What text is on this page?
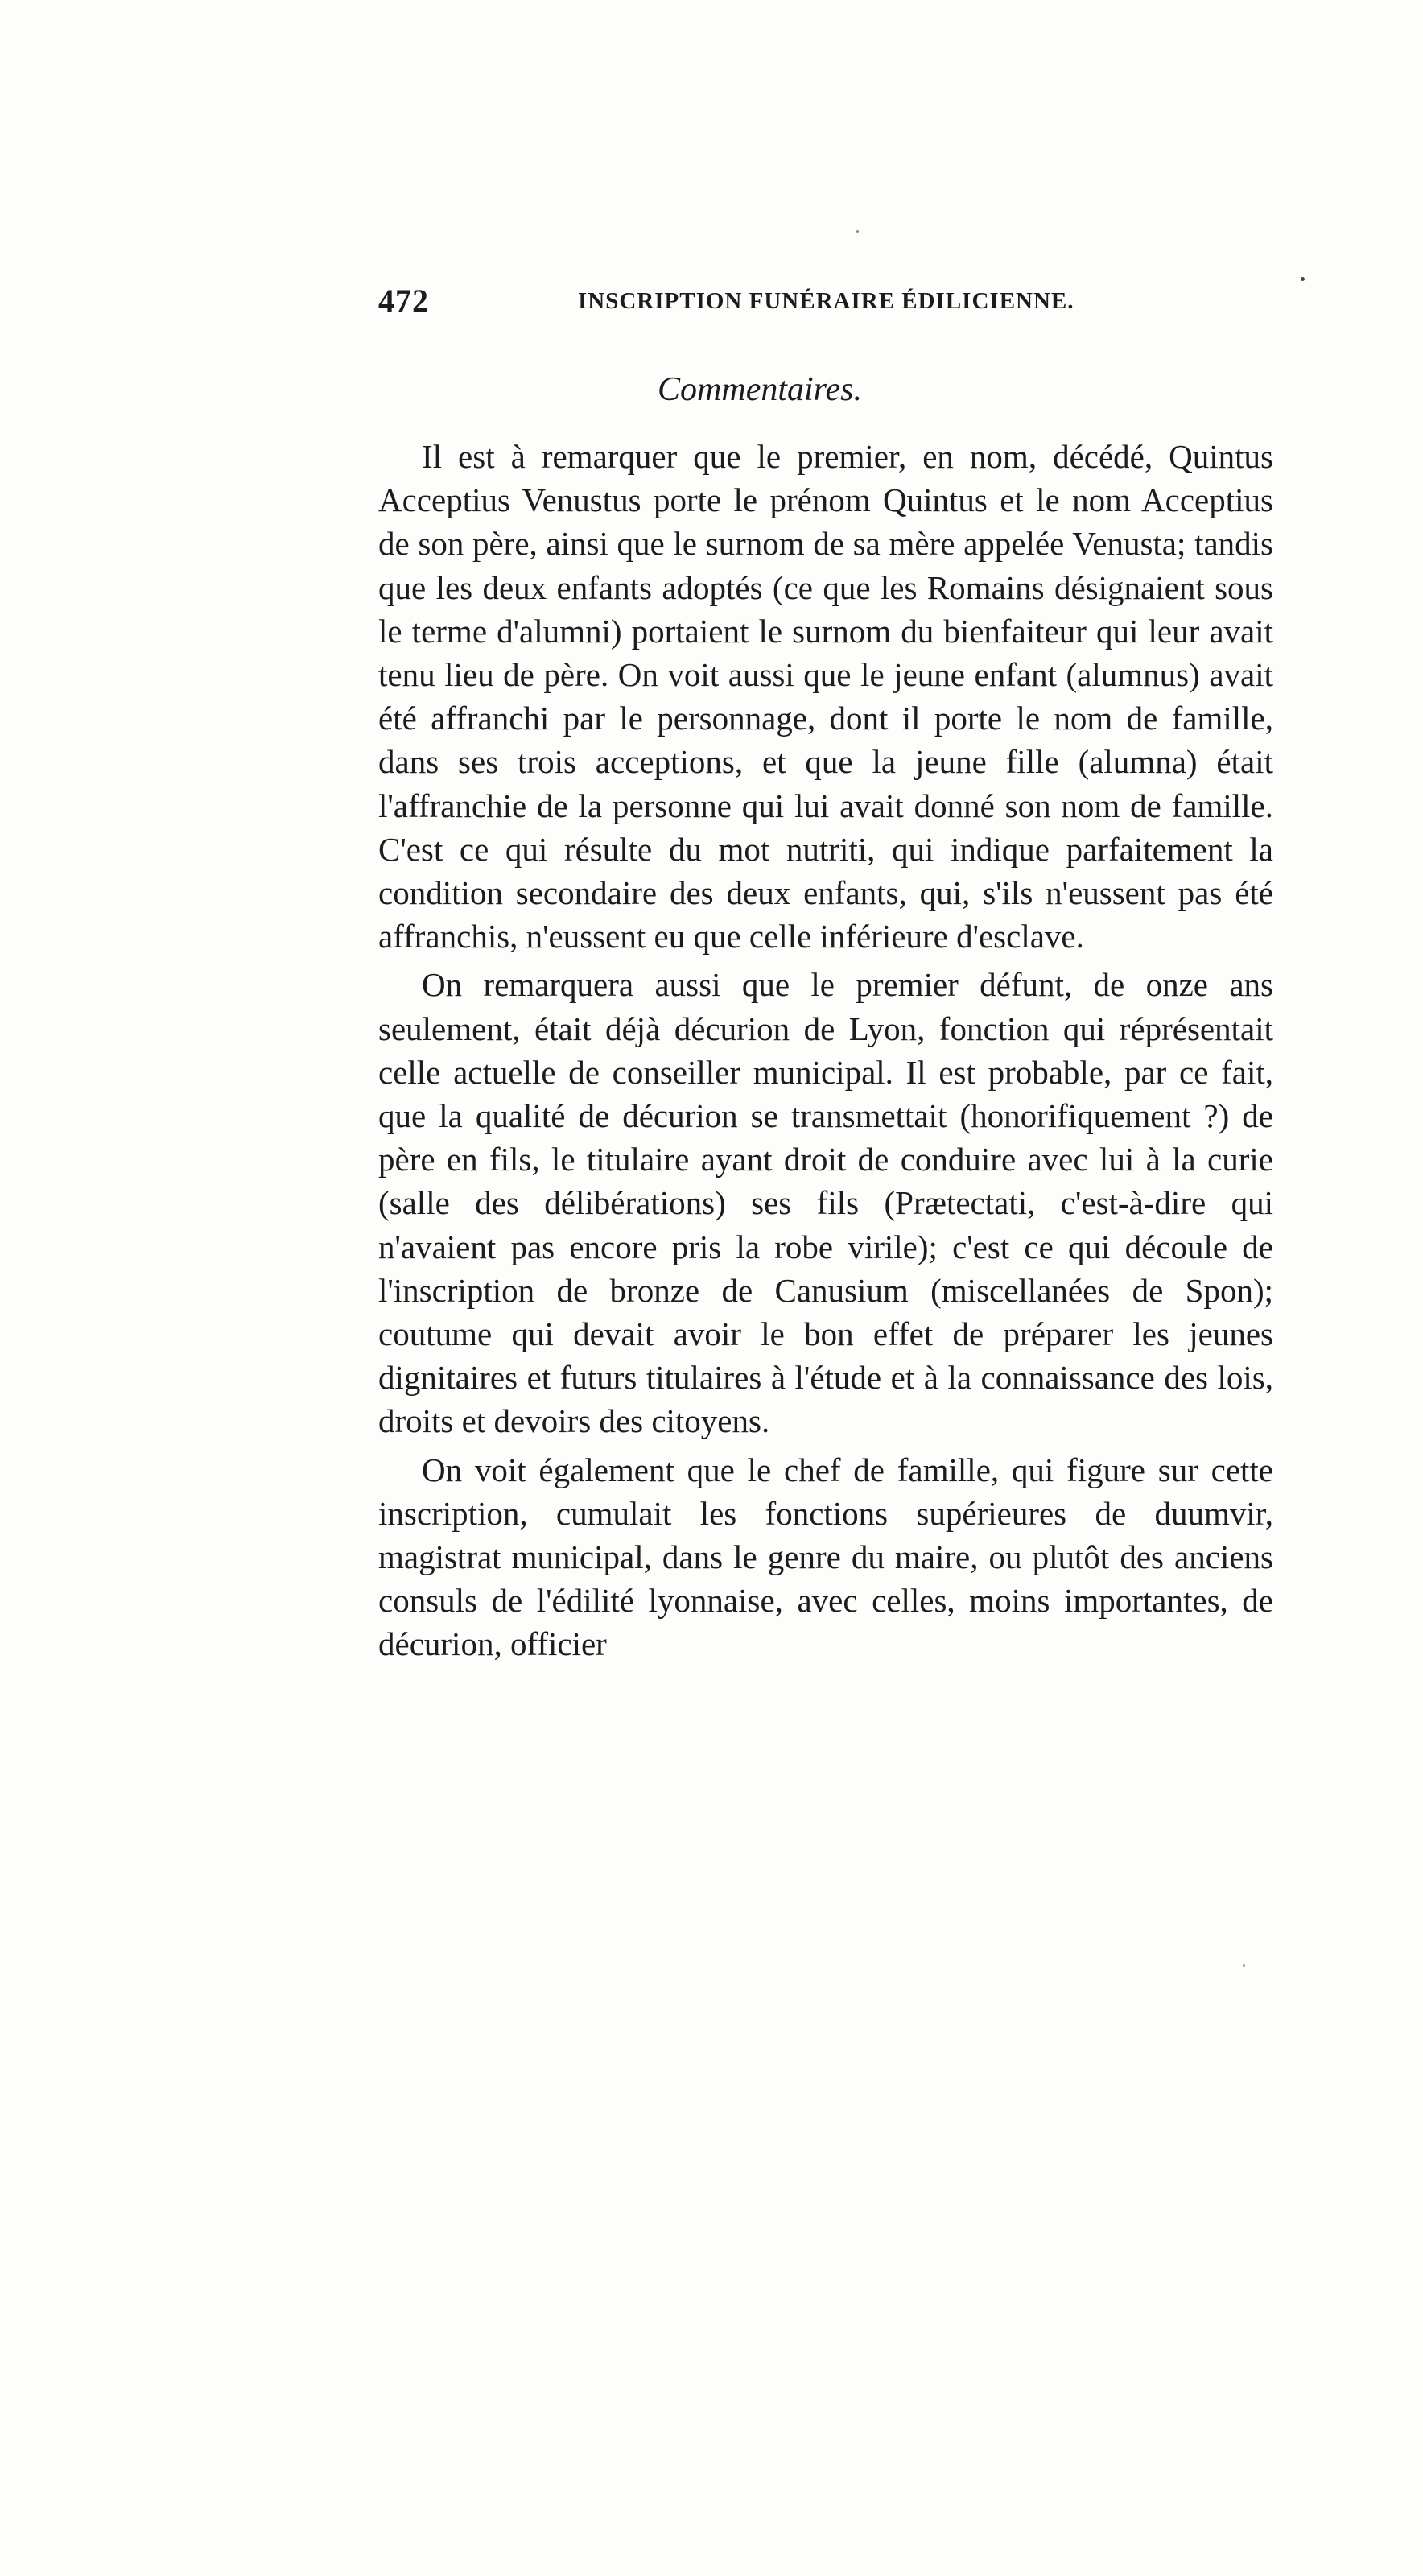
472	INSCRIPTION FUNÉRAIRE ÉDILICIENNE.
Commentaires.

Il est à remarquer que le premier, en nom, décédé, Quintus Acceptius Venustus porte le prénom Quintus et le nom Acceptius de son père, ainsi que le surnom de sa mère appelée Venusta; tandis que les deux enfants adoptés (ce que les Romains désignaient sous le terme d'alumni) portaient le surnom du bienfaiteur qui leur avait tenu lieu de père. On voit aussi que le jeune enfant (alumnus) avait été affranchi par le personnage, dont il porte le nom de famille, dans ses trois acceptions, et que la jeune fille (alumna) était l'affranchie de la personne qui lui avait donné son nom de famille. C'est ce qui résulte du mot nutriti, qui indique parfaitement la condition secondaire des deux enfants, qui, s'ils n'eussent pas été affranchis, n'eussent eu que celle inférieure d'esclave.

On remarquera aussi que le premier défunt, de onze ans seulement, était déjà décurion de Lyon, fonction qui réprésentait celle actuelle de conseiller municipal. Il est probable, par ce fait, que la qualité de décurion se transmettait (honorifiquement ?) de père en fils, le titulaire ayant droit de conduire avec lui à la curie (salle des délibérations) ses fils (Prætectati, c'est-à-dire qui n'avaient pas encore pris la robe virile); c'est ce qui découle de l'inscription de bronze de Canusium (miscellanées de Spon); coutume qui devait avoir le bon effet de préparer les jeunes dignitaires et futurs titulaires à l'étude et à la connaissance des lois, droits et devoirs des citoyens.

On voit également que le chef de famille, qui figure sur cette inscription, cumulait les fonctions supérieures de duumvir, magistrat municipal, dans le genre du maire, ou plutôt des anciens consuls de l'édilité lyonnaise, avec celles, moins importantes, de décurion, officier
